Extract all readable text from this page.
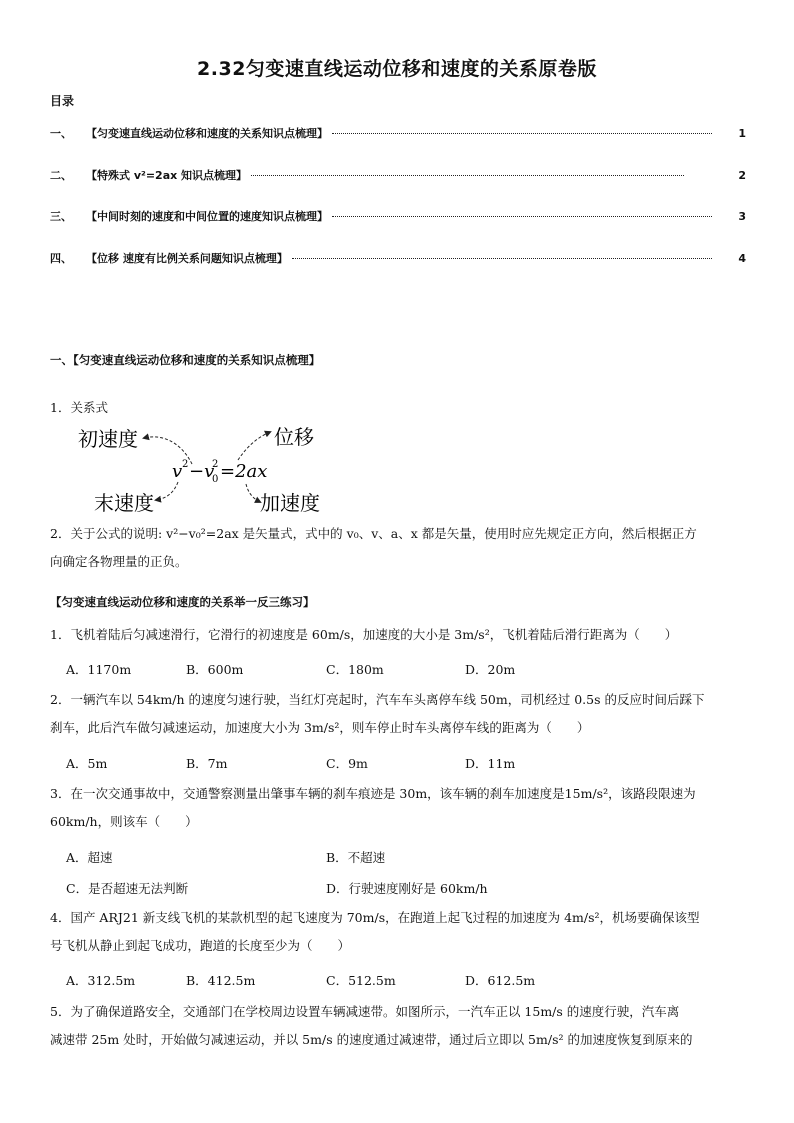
2.32匀变速直线运动位移和速度的关系原卷版
目录
一、	【匀变速直线运动位移和速度的关系知识点梳理】	1
二、	【特殊式 v²=2ax 知识点梳理】	2
三、	【中间时刻的速度和中间位置的速度知识点梳理】	3
四、	【位移 速度有比例关系问题知识点梳理】	4
一、【匀变速直线运动位移和速度的关系知识点梳理】
1．关系式
初速度	位移
末速度	加速度
v 2 −v
0
2 =2ax
2．关于公式的说明: v²−v₀²=2ax 是矢量式，式中的 v₀、v、a、x 都是矢量，使用时应先规定正方向，然后根据正方
向确定各物理量的正负。
【匀变速直线运动位移和速度的关系举一反三练习】
1．飞机着陆后匀减速滑行，它滑行的初速度是 60m/s，加速度的大小是 3m/s²，飞机着陆后滑行距离为（　　）
A．1170m	B．600m	C．180m	D．20m
2．一辆汽车以 54km/h 的速度匀速行驶，当红灯亮起时，汽车车头离停车线 50m，司机经过 0.5s 的反应时间后踩下
刹车，此后汽车做匀减速运动，加速度大小为 3m/s²，则车停止时车头离停车线的距离为（　　）
A．5m	B．7m	C．9m	D．11m
3．在一次交通事故中，交通警察测量出肇事车辆的刹车痕迹是 30m，该车辆的刹车加速度是15m/s²，该路段限速为
60km/h，则该车（　　）
A．超速	B．不超速
C．是否超速无法判断	D．行驶速度刚好是 60km/h
4．国产 ARJ21 新支线飞机的某款机型的起飞速度为 70m/s，在跑道上起飞过程的加速度为 4m/s²，机场要确保该型
号飞机从静止到起飞成功，跑道的长度至少为（　　）
A．312.5m	B．412.5m	C．512.5m	D．612.5m
5．为了确保道路安全，交通部门在学校周边设置车辆减速带。如图所示，一汽车正以 15m/s 的速度行驶，汽车离
减速带 25m 处时，开始做匀减速运动，并以 5m/s 的速度通过减速带，通过后立即以 5m/s² 的加速度恢复到原来的
